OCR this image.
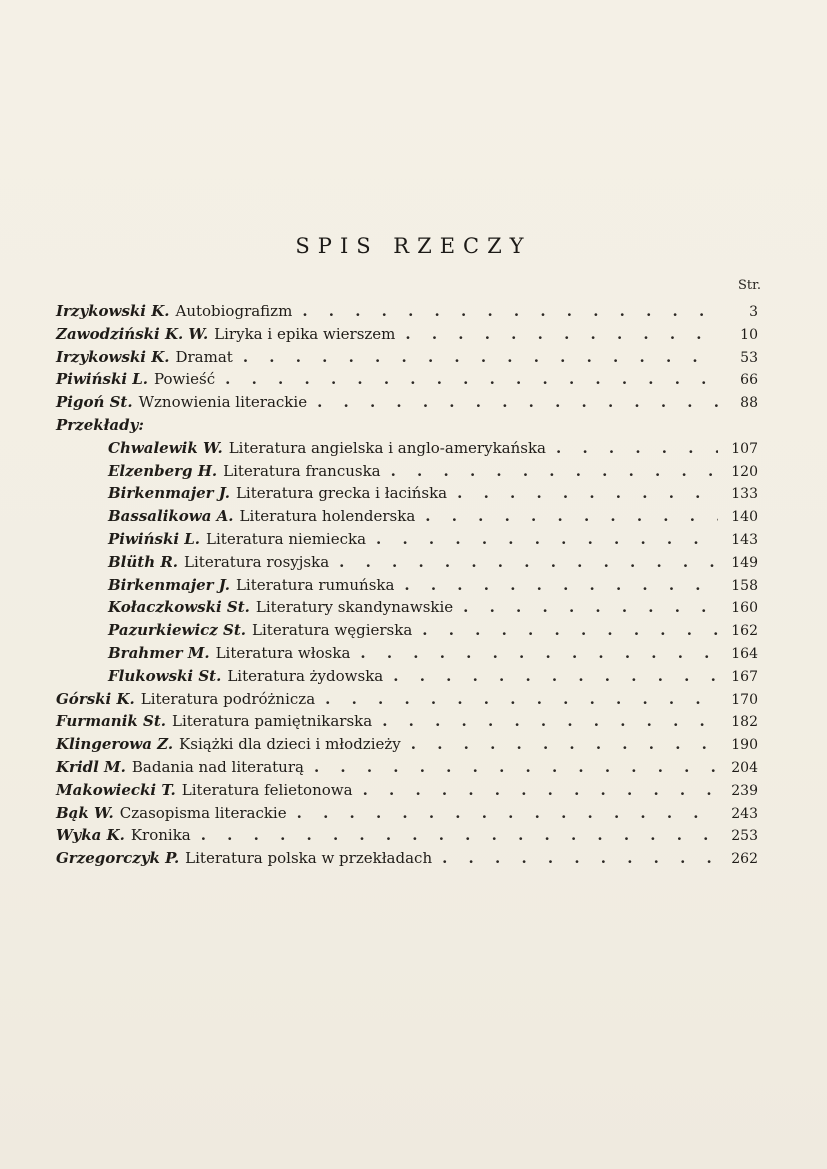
SPIS RZECZY
Str.
Irzykowski K. Autobiografizm . . .	3
Zawodziński K. W. Liryka i epika wierszem . . .	10
Irzykowski K. Dramat . . .	53
Piwiński L. Powieść . . .	66
Pigoń St. Wznowienia literackie . . .	88
Przekłady:
Chwalewik W. Literatura angielska i anglo-amerykańska . . .	107
Elzenberg H. Literatura francuska . . .	120
Birkenmajer J. Literatura grecka i łacińska . . .	133
Bassalikowa A. Literatura holenderska . . .	140
Piwiński L. Literatura niemiecka . . .	143
Blüth R. Literatura rosyjska . . .	149
Birkenmajer J. Literatura rumuńska . . .	158
Kołaczkowski St. Literatury skandynawskie . . .	160
Pazurkiewicz St. Literatura węgierska . . .	162
Brahmer M. Literatura włoska . . .	164
Flukowski St. Literatura żydowska . . .	167
Górski K. Literatura podróżnicza . . .	170
Furmanik St. Literatura pamiętnikarska . . .	182
Klingerowa Z. Książki dla dzieci i młodzieży . . .	190
Kridl M. Badania nad literaturą . . .	204
Makowiecki T. Literatura felietonowa . . .	239
Bąk W. Czasopisma literackie . . .	243
Wyka K. Kronika . . .	253
Grzegorczyk P. Literatura polska w przekładach . . .	262
